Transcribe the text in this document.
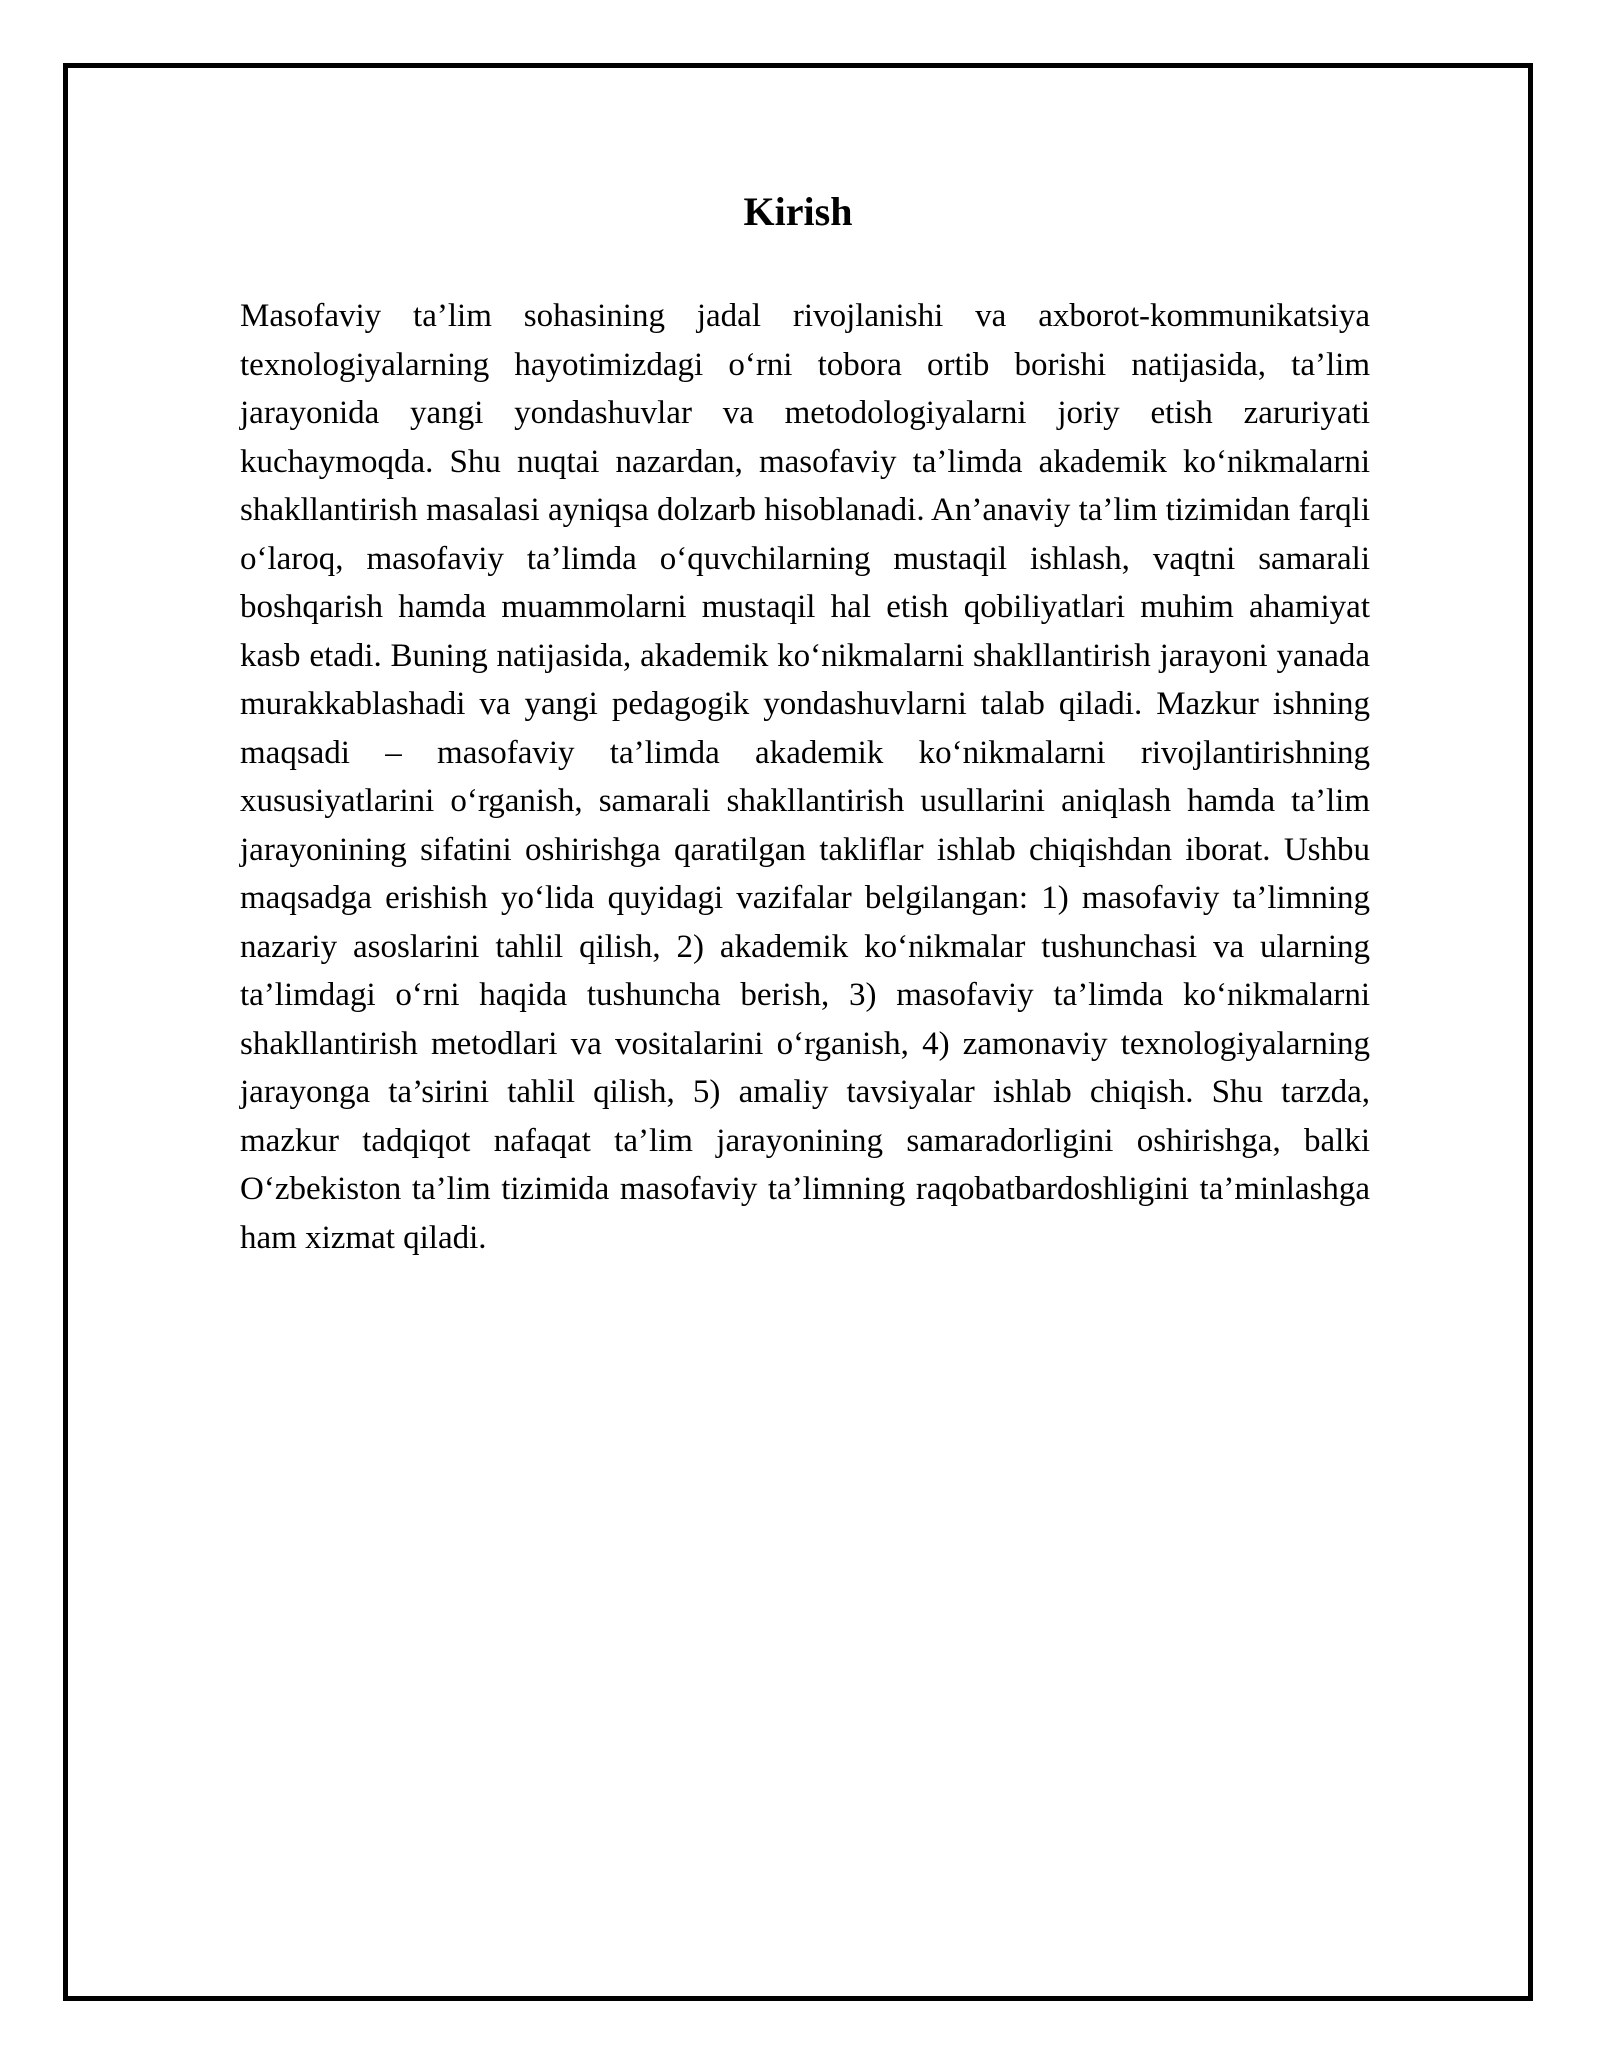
Kirish

Masofaviy ta’lim sohasining jadal rivojlanishi va axborot-kommunikatsiya texnologiyalarning hayotimizdagi o‘rni tobora ortib borishi natijasida, ta’lim jarayonida yangi yondashuvlar va metodologiyalarni joriy etish zaruriyati kuchaymoqda. Shu nuqtai nazardan, masofaviy ta’limda akademik ko‘nikmalarni shakllantirish masalasi ayniqsa dolzarb hisoblanadi. An’anaviy ta’lim tizimidan farqli o‘laroq, masofaviy ta’limda o‘quvchilarning mustaqil ishlash, vaqtni samarali boshqarish hamda muammolarni mustaqil hal etish qobiliyatlari muhim ahamiyat kasb etadi. Buning natijasida, akademik ko‘nikmalarni shakllantirish jarayoni yanada murakkablashadi va yangi pedagogik yondashuvlarni talab qiladi. Mazkur ishning maqsadi – masofaviy ta’limda akademik ko‘nikmalarni rivojlantirishning xususiyatlarini o‘rganish, samarali shakllantirish usullarini aniqlash hamda ta’lim jarayonining sifatini oshirishga qaratilgan takliflar ishlab chiqishdan iborat. Ushbu maqsadga erishish yo‘lida quyidagi vazifalar belgilangan: 1) masofaviy ta’limning nazariy asoslarini tahlil qilish, 2) akademik ko‘nikmalar tushunchasi va ularning ta’limdagi o‘rni haqida tushuncha berish, 3) masofaviy ta’limda ko‘nikmalarni shakllantirish metodlari va vositalarini o‘rganish, 4) zamonaviy texnologiyalarning jarayonga ta’sirini tahlil qilish, 5) amaliy tavsiyalar ishlab chiqish. Shu tarzda, mazkur tadqiqot nafaqat ta’lim jarayonining samaradorligini oshirishga, balki O‘zbekiston ta’lim tizimida masofaviy ta’limning raqobatbardoshligini ta’minlashga ham xizmat qiladi.
